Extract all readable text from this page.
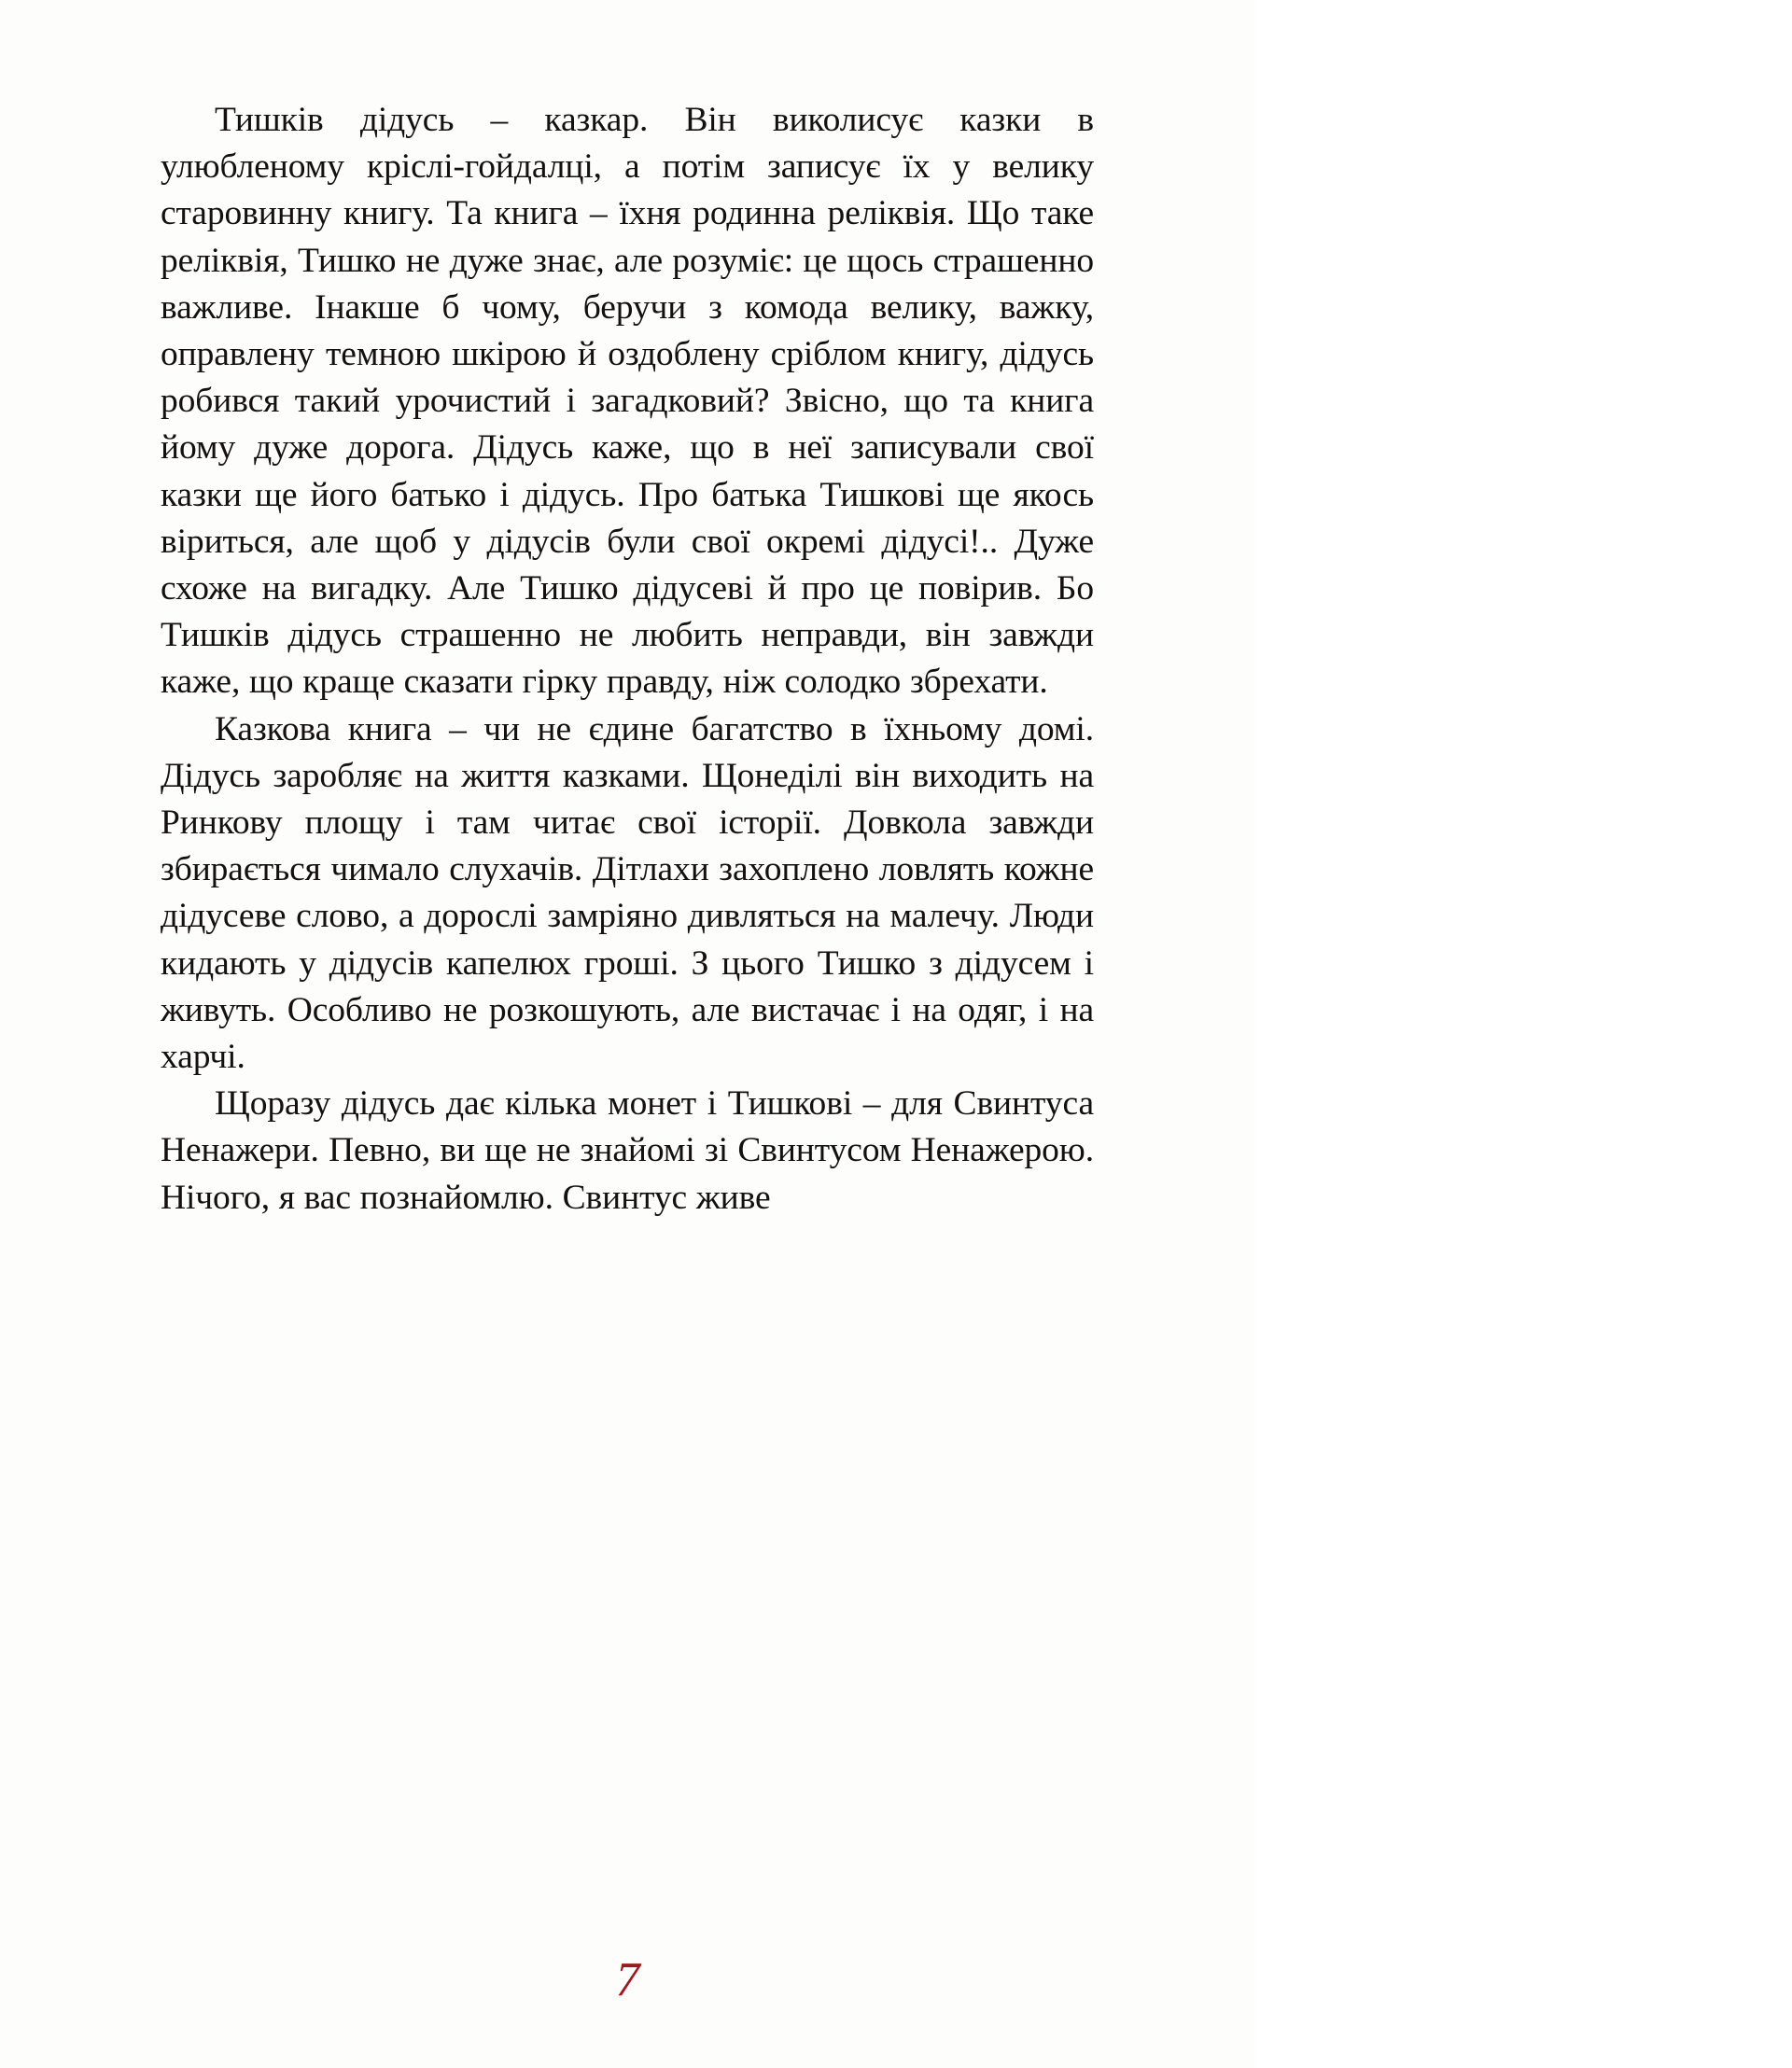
Тишків дідусь – казкар. Він виколисує казки в улюбленому кріслі-гойдалці, а потім записує їх у велику старовинну книгу. Та книга – їхня родинна реліквія. Що таке реліквія, Тишко не дуже знає, але розуміє: це щось страшенно важливе. Інакше б чому, беручи з комода велику, важку, оправлену темною шкірою й оздоблену сріблом книгу, дідусь робився такий урочистий і загадковий? Звісно, що та книга йому дуже дорога. Дідусь каже, що в неї записували свої казки ще його батько і дідусь. Про батька Тишкові ще якось віриться, але щоб у дідусів були свої окремі дідусі!.. Дуже схоже на вигадку. Але Тишко дідусеві й про це повірив. Бо Тишків дідусь страшенно не любить неправди, він завжди каже, що краще сказати гірку правду, ніж солодко збрехати.

Казкова книга – чи не єдине багатство в їхньому домі. Дідусь заробляє на життя казками. Щонеділі він виходить на Ринкову площу і там читає свої історії. Довкола завжди збирається чимало слухачів. Дітлахи захоплено ловлять кожне дідусеве слово, а дорослі замріяно дивляться на малечу. Люди кидають у дідусів капелюх гроші. З цього Тишко з дідусем і живуть. Особливо не розкошують, але вистачає і на одяг, і на харчі.

Щоразу дідусь дає кілька монет і Тишкові – для Свинтуса Ненажери. Певно, ви ще не знайомі зі Свинтусом Ненажерою. Нічого, я вас познайомлю. Свинтус живе

7
